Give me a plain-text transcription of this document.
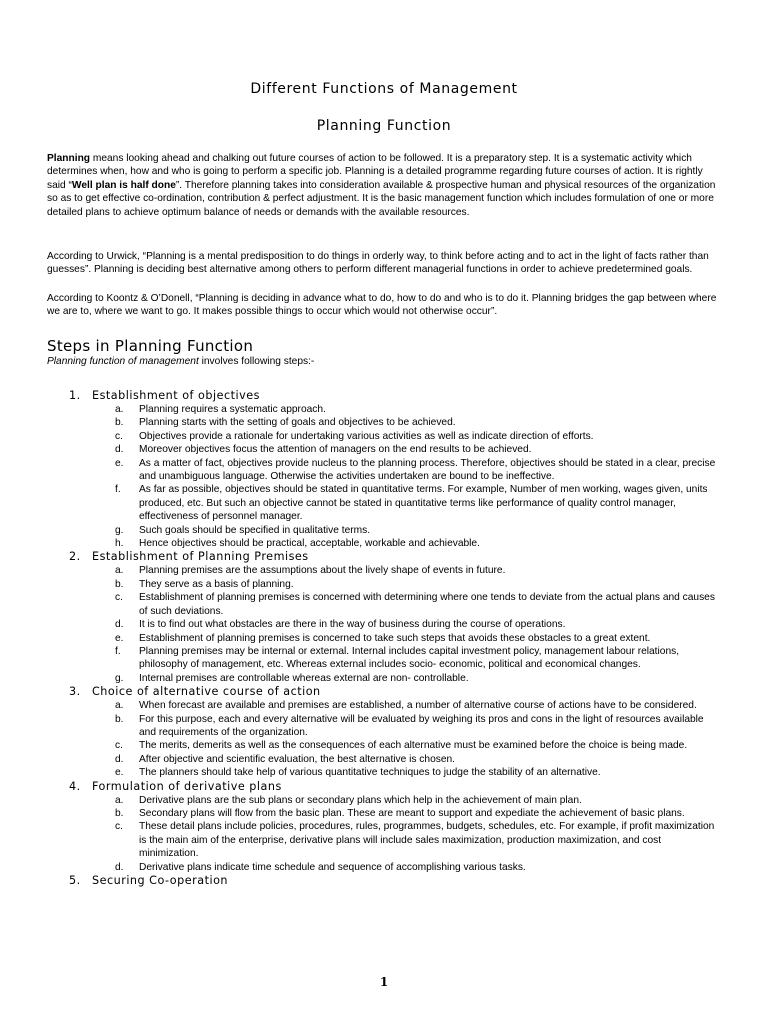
Different Functions of Management
Planning Function

Planning means looking ahead and chalking out future courses of action to be followed. It is a preparatory step. It is a systematic activity which determines when, how and who is going to perform a specific job. Planning is a detailed programme regarding future courses of action. It is rightly said “Well plan is half done”. Therefore planning takes into consideration available & prospective human and physical resources of the organization so as to get effective co-ordination, contribution & perfect adjustment. It is the basic management function which includes formulation of one or more detailed plans to achieve optimum balance of needs or demands with the available resources.

According to Urwick, “Planning is a mental predisposition to do things in orderly way, to think before acting and to act in the light of facts rather than guesses”. Planning is deciding best alternative among others to perform different managerial functions in order to achieve predetermined goals.

According to Koontz & O’Donell, “Planning is deciding in advance what to do, how to do and who is to do it. Planning bridges the gap between where we are to, where we want to go. It makes possible things to occur which would not otherwise occur”.

Steps in Planning Function
Planning function of management involves following steps:-
1.	Establishment of objectives
a.	Planning requires a systematic approach.
b.	Planning starts with the setting of goals and objectives to be achieved.
c.	Objectives provide a rationale for undertaking various activities as well as indicate direction of efforts.
d.	Moreover objectives focus the attention of managers on the end results to be achieved.
e.	As a matter of fact, objectives provide nucleus to the planning process. Therefore, objectives should be stated in a clear, precise and unambiguous language. Otherwise the activities undertaken are bound to be ineffective.
f.	As far as possible, objectives should be stated in quantitative terms. For example, Number of men working, wages given, units produced, etc. But such an objective cannot be stated in quantitative terms like performance of quality control manager, effectiveness of personnel manager.
g.	Such goals should be specified in qualitative terms.
h.	Hence objectives should be practical, acceptable, workable and achievable.
2.	Establishment of Planning Premises
a.	Planning premises are the assumptions about the lively shape of events in future.
b.	They serve as a basis of planning.
c.	Establishment of planning premises is concerned with determining where one tends to deviate from the actual plans and causes of such deviations.
d.	It is to find out what obstacles are there in the way of business during the course of operations.
e.	Establishment of planning premises is concerned to take such steps that avoids these obstacles to a great extent.
f.	Planning premises may be internal or external. Internal includes capital investment policy, management labour relations, philosophy of management, etc. Whereas external includes socio- economic, political and economical changes.
g.	Internal premises are controllable whereas external are non- controllable.
3.	Choice of alternative course of action
a.	When forecast are available and premises are established, a number of alternative course of actions have to be considered.
b.	For this purpose, each and every alternative will be evaluated by weighing its pros and cons in the light of resources available and requirements of the organization.
c.	The merits, demerits as well as the consequences of each alternative must be examined before the choice is being made.
d.	After objective and scientific evaluation, the best alternative is chosen.
e.	The planners should take help of various quantitative techniques to judge the stability of an alternative.
4.	Formulation of derivative plans
a.	Derivative plans are the sub plans or secondary plans which help in the achievement of main plan.
b.	Secondary plans will flow from the basic plan. These are meant to support and expediate the achievement of basic plans.
c.	These detail plans include policies, procedures, rules, programmes, budgets, schedules, etc. For example, if profit maximization is the main aim of the enterprise, derivative plans will include sales maximization, production maximization, and cost minimization.
d.	Derivative plans indicate time schedule and sequence of accomplishing various tasks.
5.	Securing Co-operation
1
